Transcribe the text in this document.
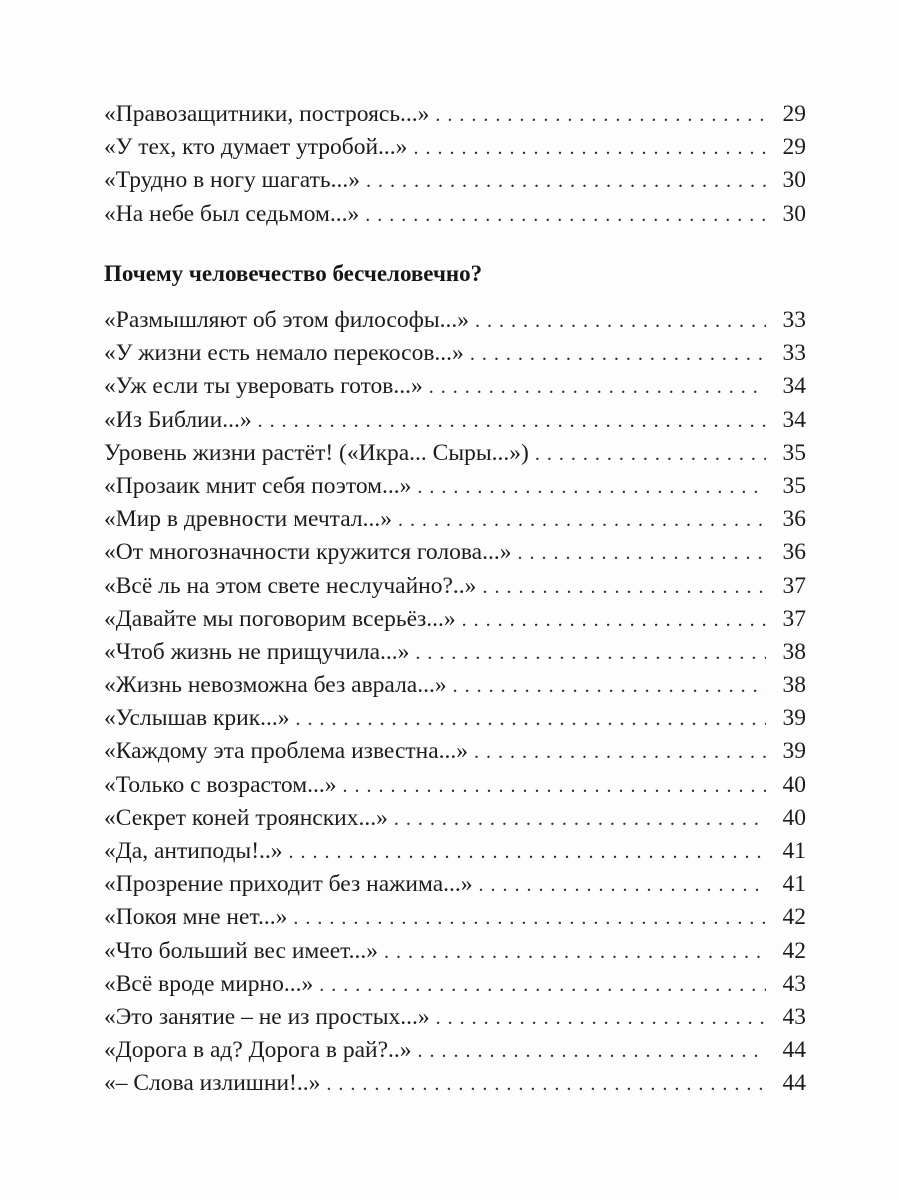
«Правозащитники, построясь...» . . .	29
«У тех, кто думает утробой...» . . .	29
«Трудно в ногу шагать...» . . .	30
«На небе был седьмом...» . . .	30
Почему человечество бесчеловечно?
«Размышляют об этом философы...» . . .	33
«У жизни есть немало перекосов...» . . .	33
«Уж если ты уверовать готов...» . . .	34
«Из Библии...» . . .	34
Уровень жизни растёт! («Икра... Сыры...») . . .	35
«Прозаик мнит себя поэтом...» . . .	35
«Мир в древности мечтал...» . . .	36
«От многозначности кружится голова...» . . .	36
«Всё ль на этом свете неслучайно?..» . . .	37
«Давайте мы поговорим всерьёз...» . . .	37
«Чтоб жизнь не прищучила...» . . .	38
«Жизнь невозможна без аврала...» . . .	38
«Услышав крик...» . . .	39
«Каждому эта проблема известна...» . . .	39
«Только с возрастом...» . . .	40
«Секрет коней троянских...» . . .	40
«Да, антиподы!..» . . .	41
«Прозрение приходит без нажима...» . . .	41
«Покоя мне нет...» . . .	42
«Что больший вес имеет...» . . .	42
«Всё вроде мирно...» . . .	43
«Это занятие – не из простых...» . . .	43
«Дорога в ад? Дорога в рай?..» . . .	44
«– Слова излишни!..» . . .	44
